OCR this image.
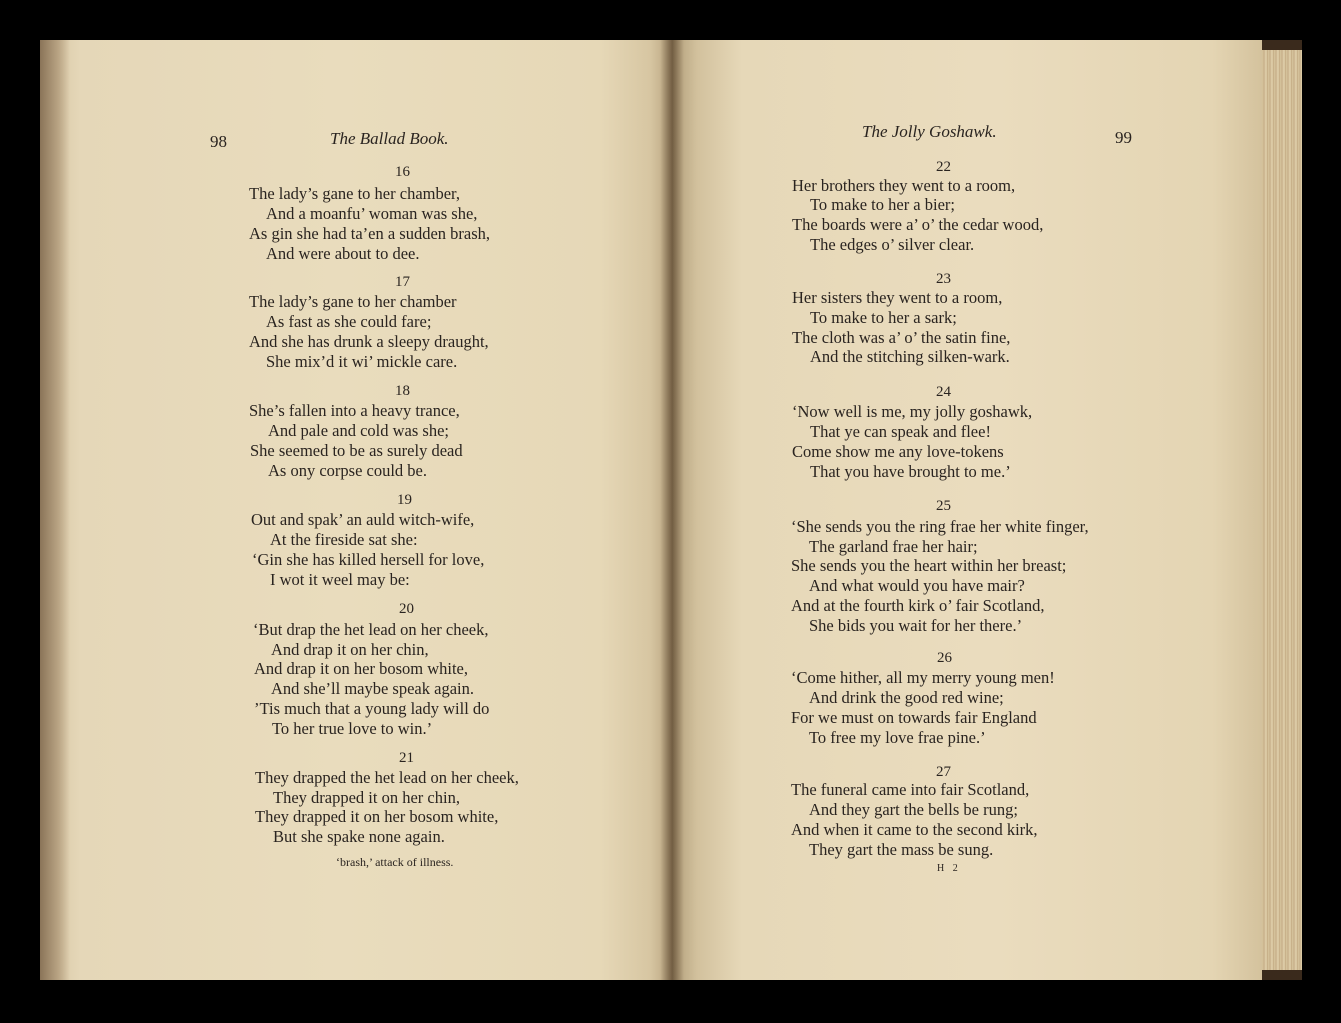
98	The Ballad Book.
16
The lady’s gane to her chamber,
And a moanfu’ woman was she,
As gin she had ta’en a sudden brash,
And were about to dee.
17
The lady’s gane to her chamber
As fast as she could fare;
And she has drunk a sleepy draught,
She mix’d it wi’ mickle care.
18
She’s fallen into a heavy trance,
And pale and cold was she;
She seemed to be as surely dead
As ony corpse could be.
19
Out and spak’ an auld witch-wife,
At the fireside sat she:
‘Gin she has killed hersell for love,
I wot it weel may be:
20
‘But drap the het lead on her cheek,
And drap it on her chin,
And drap it on her bosom white,
And she’ll maybe speak again.
’Tis much that a young lady will do
To her true love to win.’
21
They drapped the het lead on her cheek,
They drapped it on her chin,
They drapped it on her bosom white,
But she spake none again.
‘brash,’ attack of illness.
The Jolly Goshawk.	99
22
Her brothers they went to a room,
To make to her a bier;
The boards were a’ o’ the cedar wood,
The edges o’ silver clear.
23
Her sisters they went to a room,
To make to her a sark;
The cloth was a’ o’ the satin fine,
And the stitching silken-wark.
24
‘Now well is me, my jolly goshawk,
That ye can speak and flee!
Come show me any love-tokens
That you have brought to me.’
25
‘She sends you the ring frae her white finger,
The garland frae her hair;
She sends you the heart within her breast;
And what would you have mair?
And at the fourth kirk o’ fair Scotland,
She bids you wait for her there.’
26
‘Come hither, all my merry young men!
And drink the good red wine;
For we must on towards fair England
To free my love frae pine.’
27
The funeral came into fair Scotland,
And they gart the bells be rung;
And when it came to the second kirk,
They gart the mass be sung.
H 2
